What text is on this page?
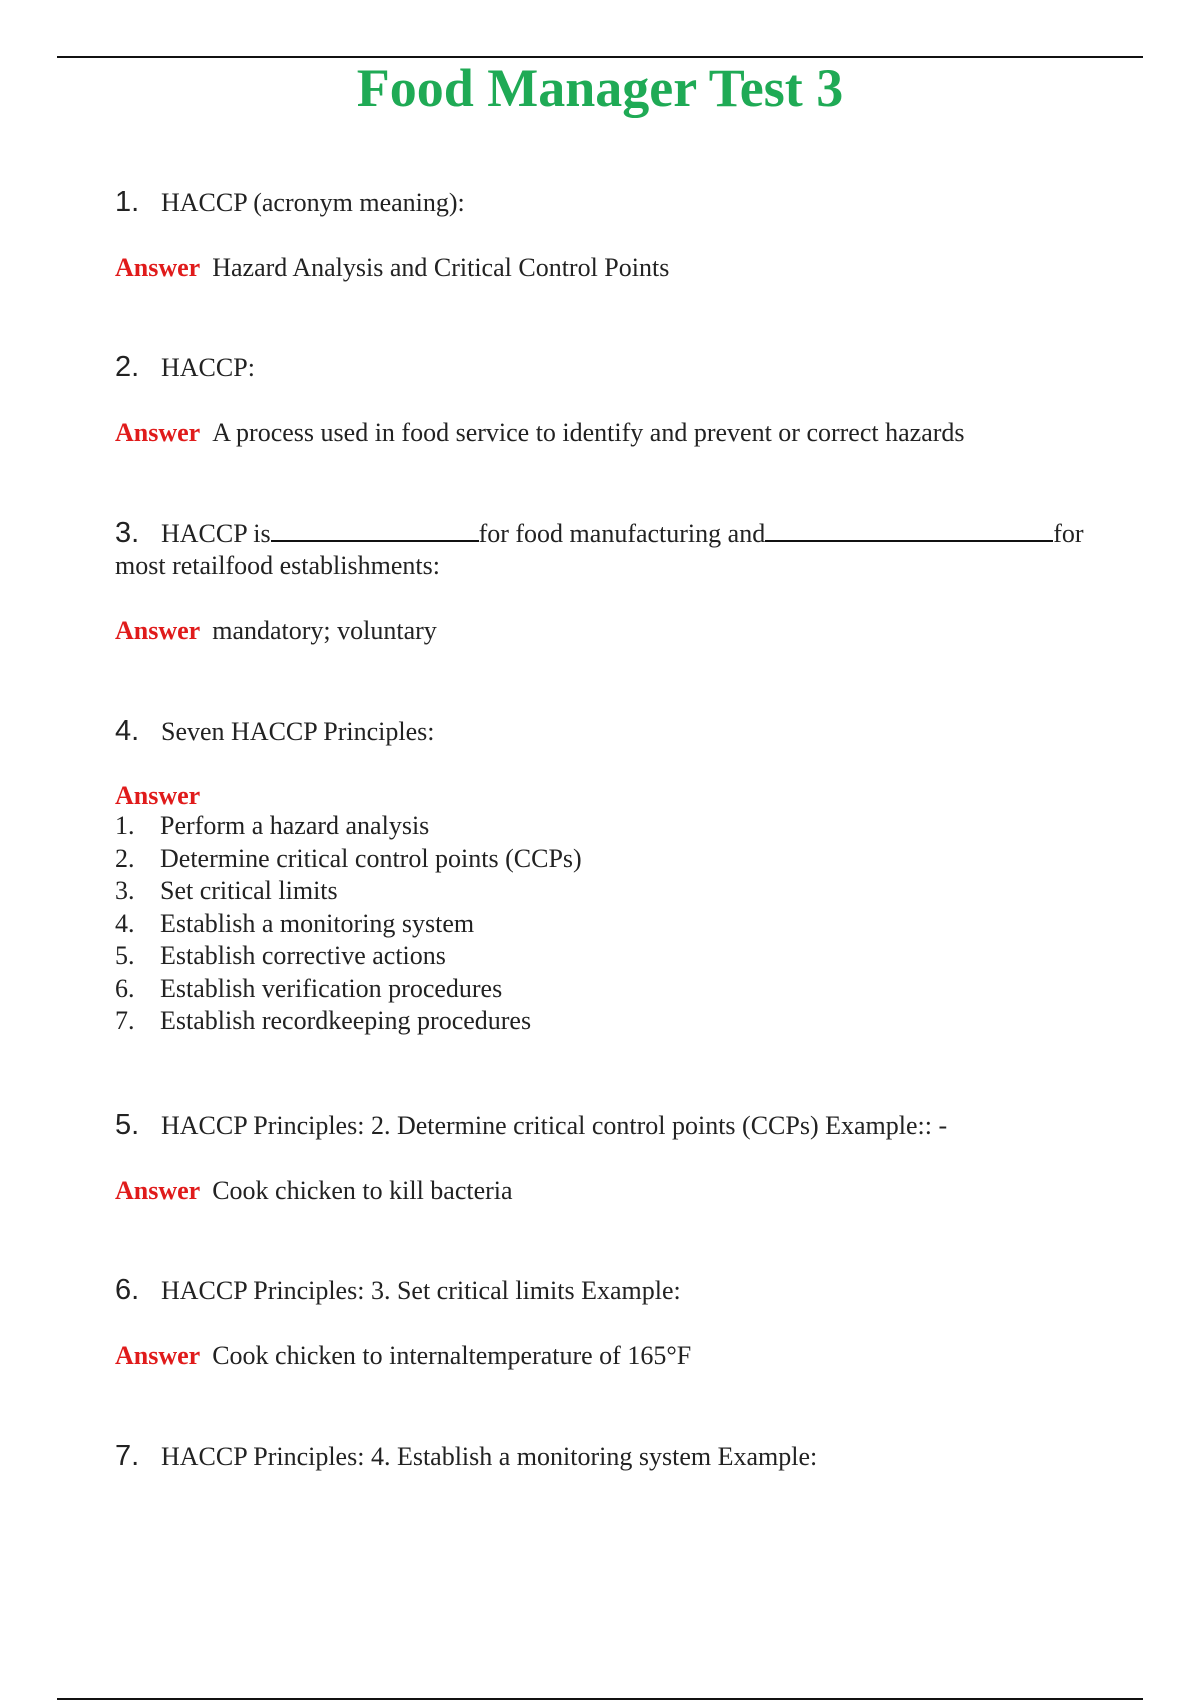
Food Manager Test 3
1. HACCP (acronym meaning):
Answer Hazard Analysis and Critical Control Points
2. HACCP:
Answer A process used in food service to identify and prevent or correct hazards
3. HACCP is	for food manufacturing and	for
most retailfood establishments:
Answer mandatory; voluntary
4. Seven HACCP Principles:
Answer
1. Perform a hazard analysis
2. Determine critical control points (CCPs)
3. Set critical limits
4. Establish a monitoring system
5. Establish corrective actions
6. Establish verification procedures
7. Establish recordkeeping procedures
5. HACCP Principles: 2. Determine critical control points (CCPs) Example:: -
Answer Cook chicken to kill bacteria
6. HACCP Principles: 3. Set critical limits Example:
Answer Cook chicken to internaltemperature of 165°F
7. HACCP Principles: 4. Establish a monitoring system Example:
